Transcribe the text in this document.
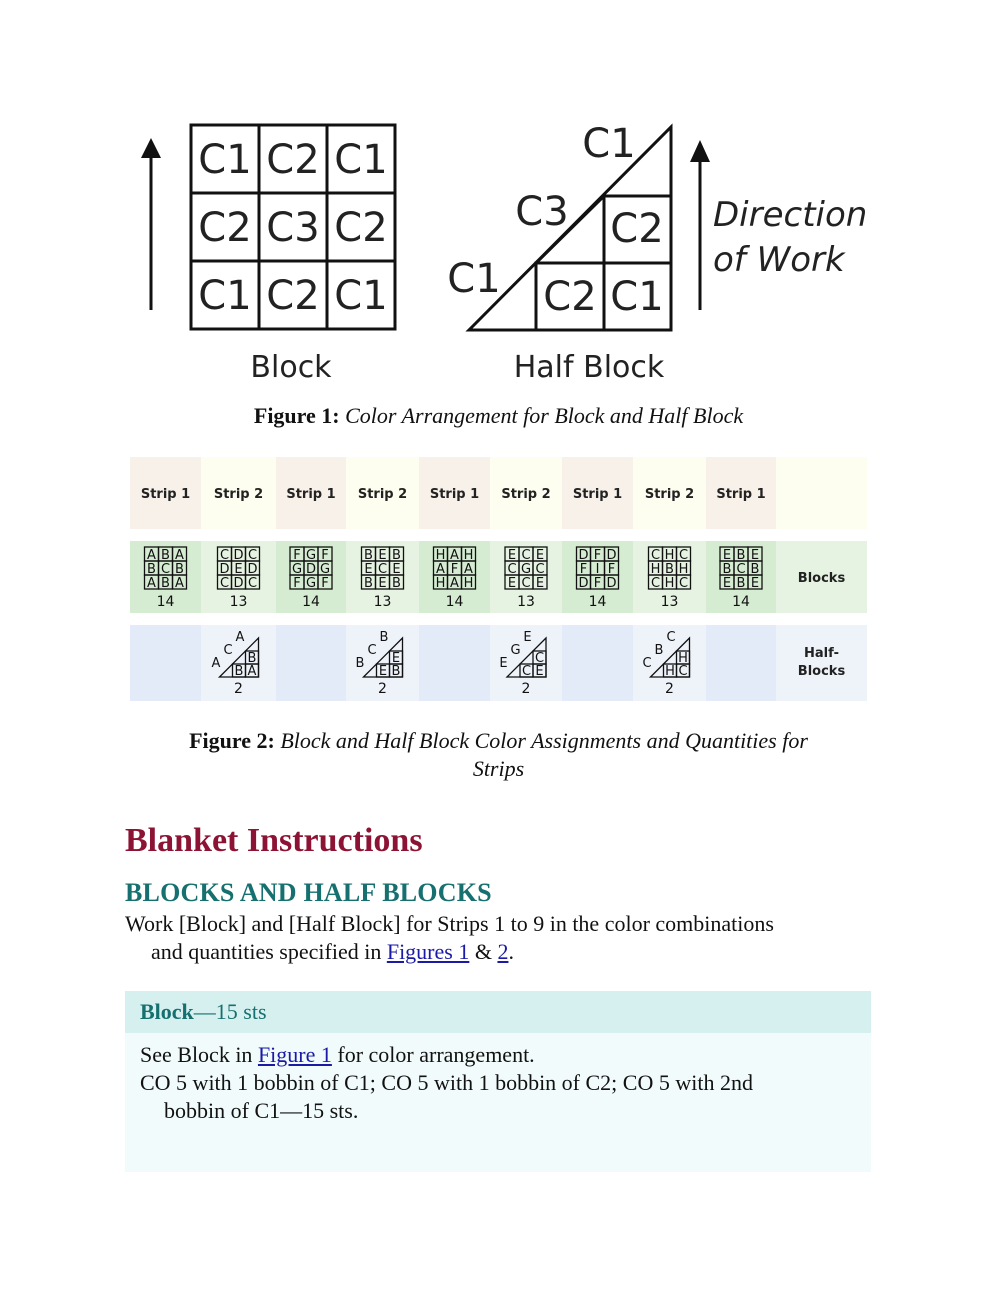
C1 C2 C1
C2 C3 C2
C1 C2 C1
Block
C2
C2 C1
C1
C3
C1
Half Block
Direction
of Work
Figure 1: Color Arrangement for Block and Half Block
Strip 1
A B A
B C B
A B A
14
Strip 2
C D C
D E D
C D C
13
A
C
A B
B A
2
Strip 1
F G F
G D G
F G F
14
Strip 2
B E B
E C E
B E B
13
B
C
B E
E B
2
Strip 1
H A H
A F A
H A H
14
Strip 2
E C E
C G C
E C E
13
E
G
E C
C E
2
Strip 1
D F D
F I F
D F D
14
Strip 2
C H C
H B H
C H C
13
C
B
C H
H C
2
Strip 1
E B E
B C B
E B E
14
Blocks
Half-
Blocks
Figure 2: Block and Half Block Color Assignments and Quantities for
Strips
Blanket Instructions
BLOCKS AND HALF BLOCKS

Work [Block] and [Half Block] for Strips 1 to 9 in the color combinations
and quantities specified in Figures 1 & 2.

Block—15 sts

See Block in Figure 1 for color arrangement.

CO 5 with 1 bobbin of C1; CO 5 with 1 bobbin of C2; CO 5 with 2nd
bobbin of C1—15 sts.
